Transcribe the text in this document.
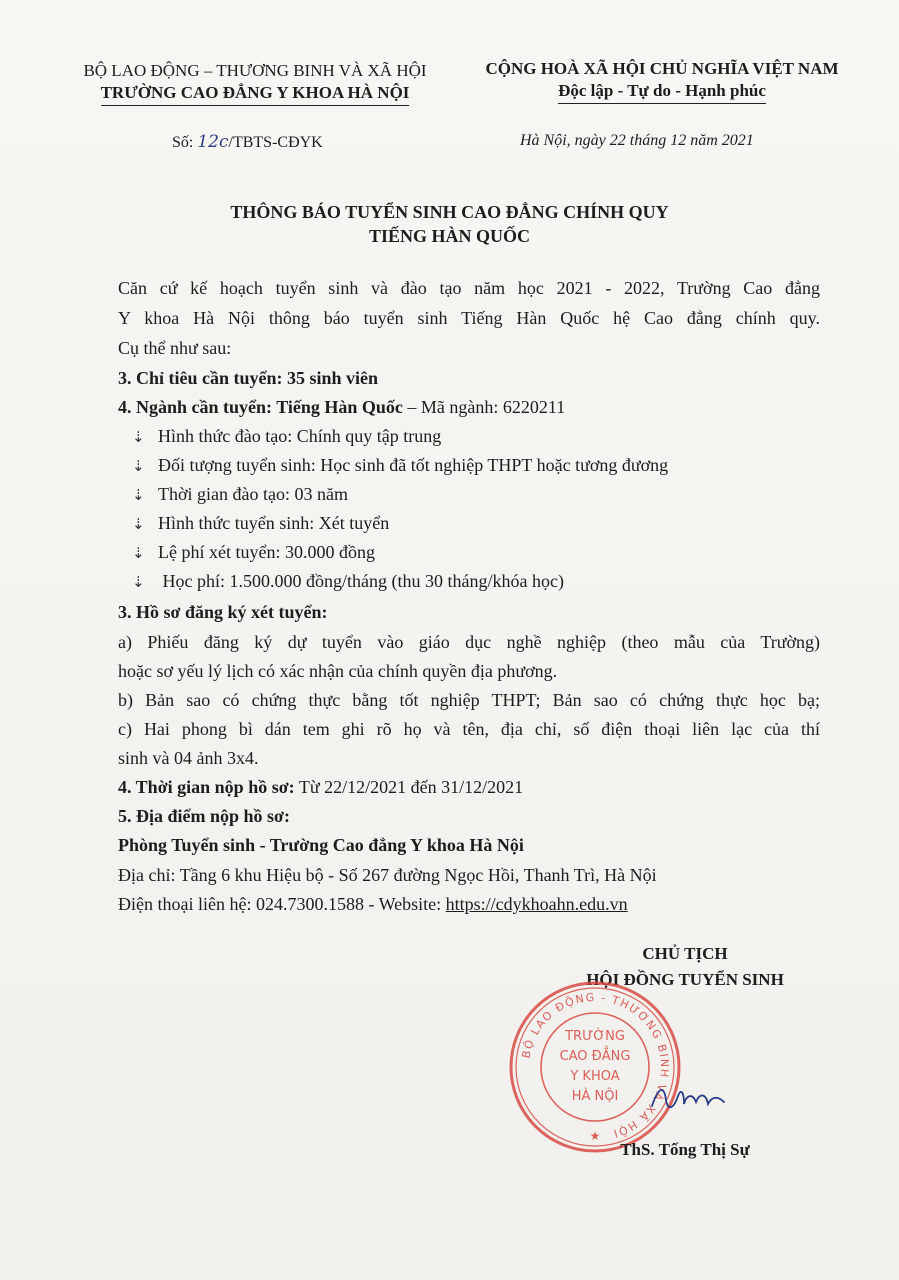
BỘ LAO ĐỘNG – THƯƠNG BINH VÀ XÃ HỘI
TRƯỜNG CAO ĐẲNG Y KHOA HÀ NỘI
CỘNG HOÀ XÃ HỘI CHỦ NGHĨA VIỆT NAM
Độc lập - Tự do - Hạnh phúc
Số: 12c/TBTS-CĐYK	Hà Nội, ngày 22 tháng 12 năm 2021
THÔNG BÁO TUYỂN SINH CAO ĐẲNG CHÍNH QUY
TIẾNG HÀN QUỐC
Căn cứ kế hoạch tuyển sinh và đào tạo năm học 2021 - 2022, Trường Cao đẳng
Y khoa Hà Nội thông báo tuyển sinh Tiếng Hàn Quốc hệ Cao đẳng chính quy.
Cụ thể như sau:
3. Chỉ tiêu cần tuyển: 35 sinh viên
4. Ngành cần tuyển: Tiếng Hàn Quốc – Mã ngành: 6220211
⇣ Hình thức đào tạo: Chính quy tập trung
⇣ Đối tượng tuyển sinh: Học sinh đã tốt nghiệp THPT hoặc tương đương
⇣ Thời gian đào tạo: 03 năm
⇣ Hình thức tuyển sinh: Xét tuyển
⇣ Lệ phí xét tuyển: 30.000 đồng
⇣ Học phí: 1.500.000 đồng/tháng (thu 30 tháng/khóa học)
3. Hồ sơ đăng ký xét tuyển:
a) Phiếu đăng ký dự tuyển vào giáo dục nghề nghiệp (theo mẫu của Trường)
hoặc sơ yếu lý lịch có xác nhận của chính quyền địa phương.
b) Bản sao có chứng thực bằng tốt nghiệp THPT; Bản sao có chứng thực học bạ;
c) Hai phong bì dán tem ghi rõ họ và tên, địa chỉ, số điện thoại liên lạc của thí
sinh và 04 ảnh 3x4.
4. Thời gian nộp hồ sơ: Từ 22/12/2021 đến 31/12/2021
5. Địa điểm nộp hồ sơ:
Phòng Tuyển sinh - Trường Cao đẳng Y khoa Hà Nội
Địa chỉ: Tầng 6 khu Hiệu bộ - Số 267 đường Ngọc Hồi, Thanh Trì, Hà Nội
Điện thoại liên hệ: 024.7300.1588 - Website: https://cdykhoahn.edu.vn
CHỦ TỊCH
HỘI ĐỒNG TUYỂN SINH
BỘ LAO ĐỘNG - THƯƠNG BINH VÀ XÃ HỘI
TRƯỜNG
CAO ĐẲNG
Y KHOA
HÀ NỘI
★
ThS. Tống Thị Sự
